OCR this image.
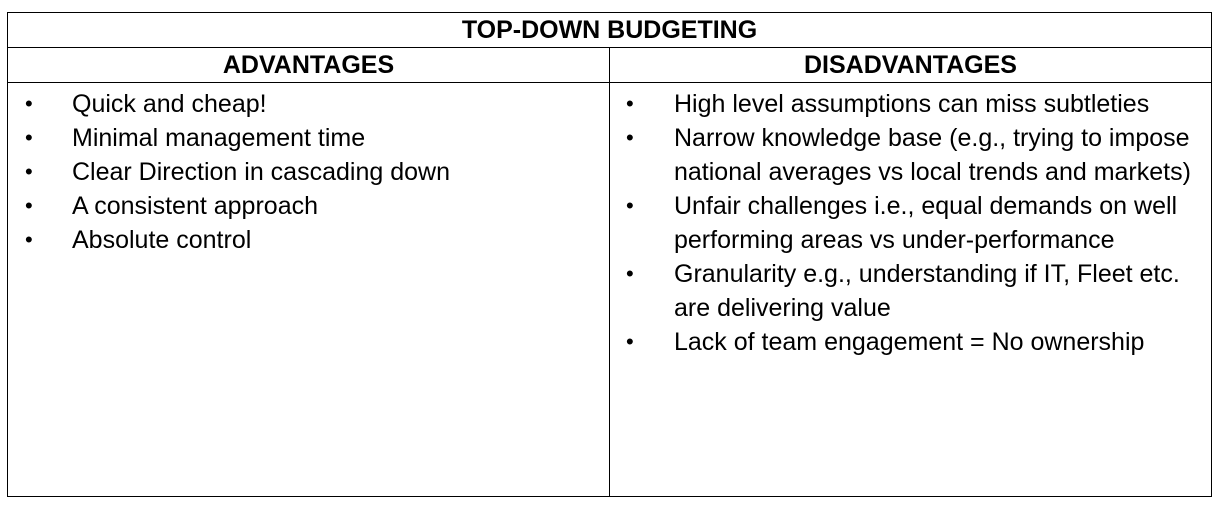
TOP-DOWN BUDGETING
ADVANTAGES
• Quick and cheap!
• Minimal management time
• Clear Direction in cascading down
• A consistent approach
• Absolute control
DISADVANTAGES
• High level assumptions can miss subtleties
• Narrow knowledge base (e.g., trying to impose national averages vs local trends and markets)
• Unfair challenges i.e., equal demands on well performing areas vs under-performance
• Granularity e.g., understanding if IT, Fleet etc. are delivering value
• Lack of team engagement = No ownership
